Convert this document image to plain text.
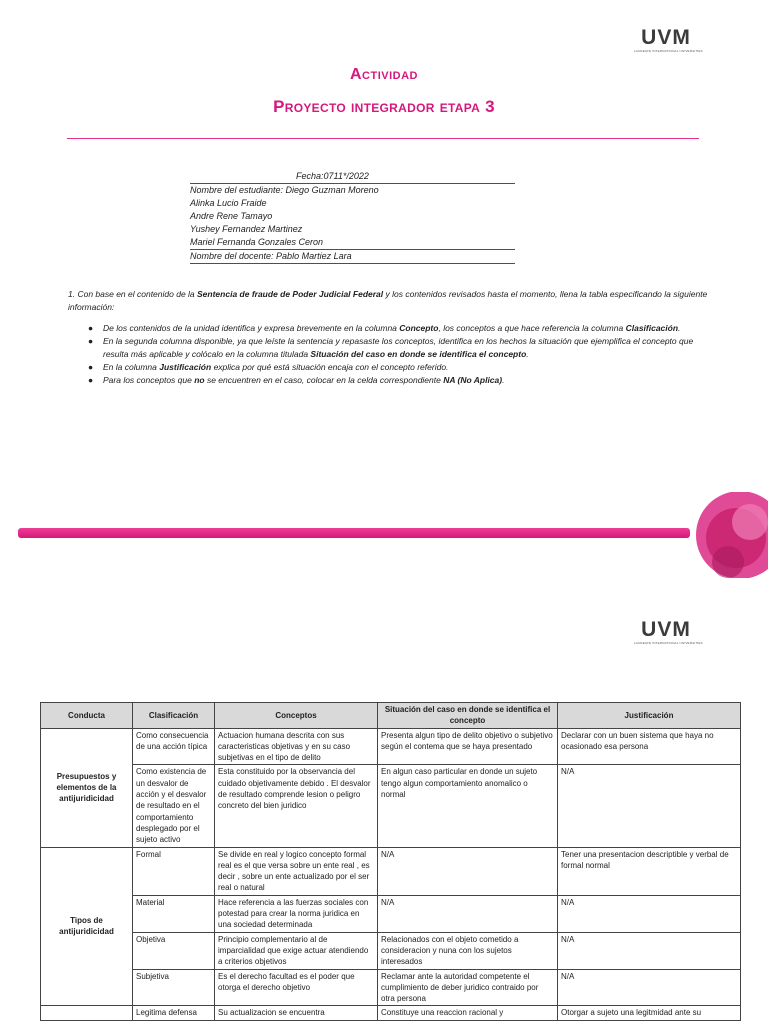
UVM
LAUREATE INTERNATIONAL UNIVERSITIES
Actividad
Proyecto integrador etapa 3
Fecha:0711*/2022
Nombre del estudiante: Diego Guzman Moreno
Alinka Lucio Fraide
Andre Rene Tamayo
Yushey Fernandez Martinez
Mariel Fernanda Gonzales Ceron
Nombre del docente: Pablo Martiez Lara
1. Con base en el contenido de la Sentencia de fraude de Poder Judicial Federal y los contenidos revisados hasta el momento, llena la tabla especificando la siguiente información:
● De los contenidos de la unidad identifica y expresa brevemente en la columna Concepto, los conceptos a que hace referencia la columna Clasificación.
● En la segunda columna disponible, ya que leíste la sentencia y repasaste los conceptos, identifica en los hechos la situación que ejemplifica el concepto que resulta más aplicable y colócalo en la columna titulada Situación del caso en donde se identifica el concepto.
● En la columna Justificación explica por qué está situación encaja con el concepto referido.
● Para los conceptos que no se encuentren en el caso, colocar en la celda correspondiente NA (No Aplica).
UVM
LAUREATE INTERNATIONAL UNIVERSITIES
Conducta	Clasificación	Conceptos	Situación del caso en donde se identifica el concepto	Justificación
Presupuestos y elementos de la antijuridicidad	Como consecuencia de una acción típica	Actuacion humana descrita con sus caracteristicas objetivas y en su caso subjetivas en el tipo de delito	Presenta algun tipo de delito objetivo o subjetivo según el contema que se haya presentado	Declarar con un buen sistema que haya no ocasionado esa persona
	Como existencia de un desvalor de acción y el desvalor de resultado en el comportamiento desplegado por el sujeto activo	Esta constituido por la observancia del cuidado objetivamente debido . El desvalor de resultado comprende lesion o peligro concreto del bien juridico	En algun caso particular en donde un sujeto tengo algun comportamiento anomalico o normal	N/A
Tipos de antijuridicidad	Formal	Se divide en real y logico concepto formal real es el que versa sobre un ente real , es decir , sobre un ente actualizado por el ser real o natural	N/A	Tener una presentacion descriptible y verbal de formal normal
	Material	Hace referencia a las fuerzas sociales con potestad para crear la norma juridica en una sociedad determinada	N/A	N/A
	Objetiva	Principio complementario al de imparcialidad que exige actuar atendiendo a criterios objetivos	Relacionados con el objeto cometido a consideracion y nuna con los sujetos interesados	N/A
	Subjetiva	Es el derecho facultad es el poder que otorga el derecho objetivo	Reclamar ante la autoridad competente el cumplimiento de deber juridico contraido por otra persona	N/A
	Legitima defensa	Su actualizacion se encuentra	Constituye una reaccion racional y	Otorgar a sujeto una legitmidad ante su
